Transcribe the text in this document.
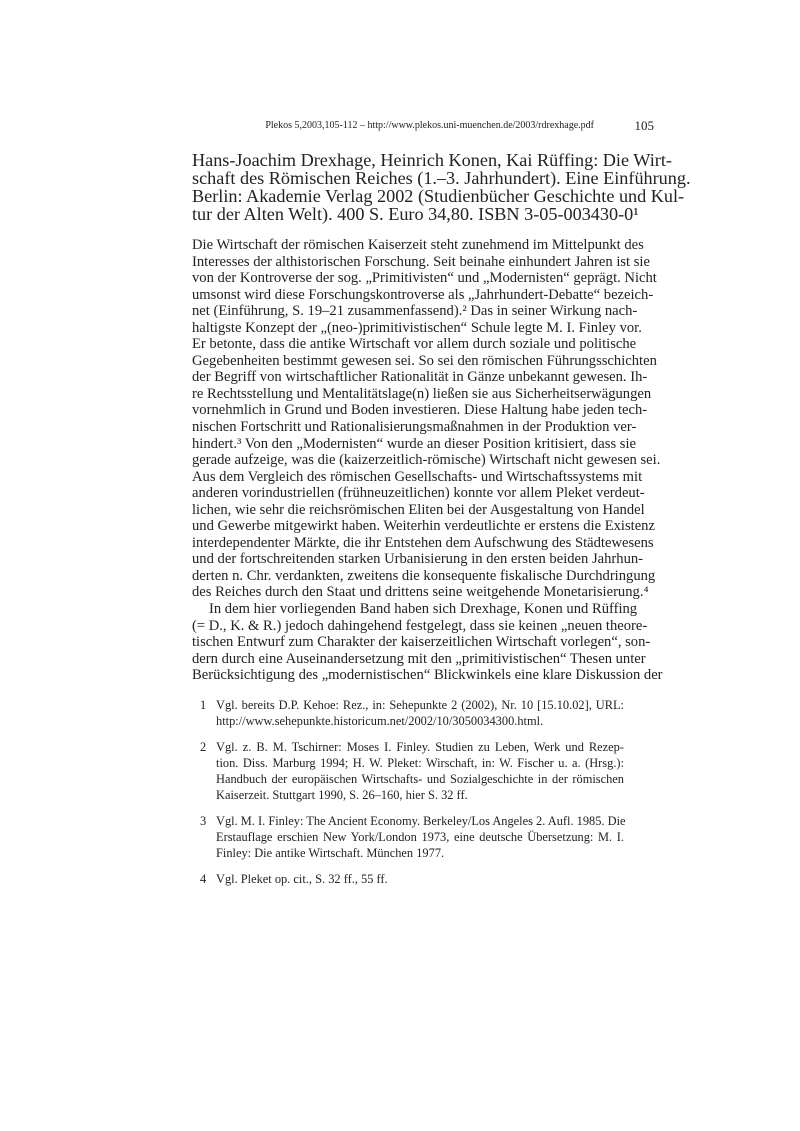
Plekos 5,2003,105-112 – http://www.plekos.uni-muenchen.de/2003/rdrexhage.pdf	105
Hans-Joachim Drexhage, Heinrich Konen, Kai Rüffing: Die Wirt-
schaft des Römischen Reiches (1.–3. Jahrhundert). Eine Einführung.
Berlin: Akademie Verlag 2002 (Studienbücher Geschichte und Kul-
tur der Alten Welt). 400 S. Euro 34,80. ISBN 3-05-003430-0¹
Die Wirtschaft der römischen Kaiserzeit steht zunehmend im Mittelpunkt des
Interesses der althistorischen Forschung. Seit beinahe einhundert Jahren ist sie
von der Kontroverse der sog. „Primitivisten“ und „Modernisten“ geprägt. Nicht
umsonst wird diese Forschungskontroverse als „Jahrhundert-Debatte“ bezeich-
net (Einführung, S. 19–21 zusammenfassend).² Das in seiner Wirkung nach-
haltigste Konzept der „(neo-)primitivistischen“ Schule legte M. I. Finley vor.
Er betonte, dass die antike Wirtschaft vor allem durch soziale und politische
Gegebenheiten bestimmt gewesen sei. So sei den römischen Führungsschichten
der Begriff von wirtschaftlicher Rationalität in Gänze unbekannt gewesen. Ih-
re Rechtsstellung und Mentalitätslage(n) ließen sie aus Sicherheitserwägungen
vornehmlich in Grund und Boden investieren. Diese Haltung habe jeden tech-
nischen Fortschritt und Rationalisierungsmaßnahmen in der Produktion ver-
hindert.³ Von den „Modernisten“ wurde an dieser Position kritisiert, dass sie
gerade aufzeige, was die (kaizerzeitlich-römische) Wirtschaft nicht gewesen sei.
Aus dem Vergleich des römischen Gesellschafts- und Wirtschaftssystems mit
anderen vorindustriellen (frühneuzeitlichen) konnte vor allem Pleket verdeut-
lichen, wie sehr die reichsrömischen Eliten bei der Ausgestaltung von Handel
und Gewerbe mitgewirkt haben. Weiterhin verdeutlichte er erstens die Existenz
interdependenter Märkte, die ihr Entstehen dem Aufschwung des Städtewesens
und der fortschreitenden starken Urbanisierung in den ersten beiden Jahrhun-
derten n. Chr. verdankten, zweitens die konsequente fiskalische Durchdringung
des Reiches durch den Staat und drittens seine weitgehende Monetarisierung.⁴
In dem hier vorliegenden Band haben sich Drexhage, Konen und Rüffing
(= D., K. & R.) jedoch dahingehend festgelegt, dass sie keinen „neuen theore-
tischen Entwurf zum Charakter der kaiserzeitlichen Wirtschaft vorlegen“, son-
dern durch eine Auseinandersetzung mit den „primitivistischen“ Thesen unter
Berücksichtigung des „modernistischen“ Blickwinkels eine klare Diskussion der
1 Vgl. bereits D.P. Kehoe: Rez., in: Sehepunkte 2 (2002), Nr. 10 [15.10.02], URL:
http://www.sehepunkte.historicum.net/2002/10/3050034300.html.
2 Vgl. z. B. M. Tschirner: Moses I. Finley. Studien zu Leben, Werk und Rezep-
tion. Diss. Marburg 1994; H. W. Pleket: Wirschaft, in: W. Fischer u. a. (Hrsg.):
Handbuch der europäischen Wirtschafts- und Sozialgeschichte in der römischen
Kaiserzeit. Stuttgart 1990, S. 26–160, hier S. 32 ff.
3 Vgl. M. I. Finley: The Ancient Economy. Berkeley/Los Angeles 2. Aufl. 1985. Die
Erstauflage erschien New York/London 1973, eine deutsche Übersetzung: M. I.
Finley: Die antike Wirtschaft. München 1977.
4 Vgl. Pleket op. cit., S. 32 ff., 55 ff.
